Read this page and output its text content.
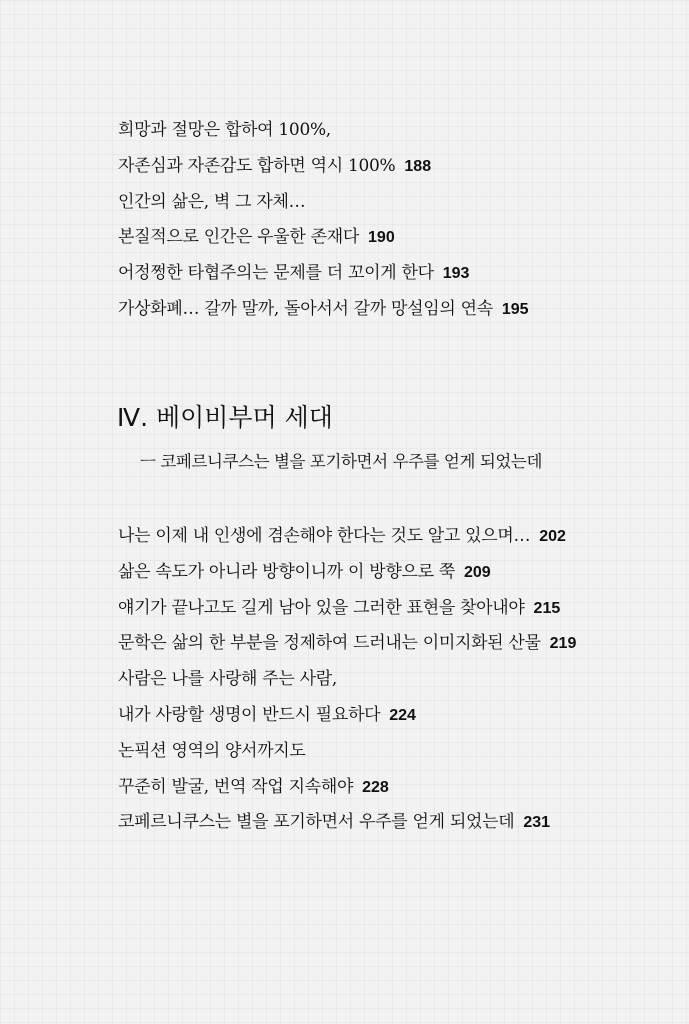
희망과 절망은 합하여 100%,
자존심과 자존감도 합하면 역시 100% 188
인간의 삶은, 벽 그 자체…
본질적으로 인간은 우울한 존재다 190
어정쩡한 타협주의는 문제를 더 꼬이게 한다 193
가상화폐… 갈까 말까, 돌아서서 갈까 망설임의 연속 195
Ⅳ. 베이비부머 세대

ㅡ 코페르니쿠스는 별을 포기하면서 우주를 얻게 되었는데

나는 이제 내 인생에 겸손해야 한다는 것도 알고 있으며… 202
삶은 속도가 아니라 방향이니까 이 방향으로 쭉 209
얘기가 끝나고도 길게 남아 있을 그러한 표현을 찾아내야 215
문학은 삶의 한 부분을 정제하여 드러내는 이미지화된 산물 219
사람은 나를 사랑해 주는 사람,
내가 사랑할 생명이 반드시 필요하다 224
논픽션 영역의 양서까지도
꾸준히 발굴, 번역 작업 지속해야 228
코페르니쿠스는 별을 포기하면서 우주를 얻게 되었는데 231
